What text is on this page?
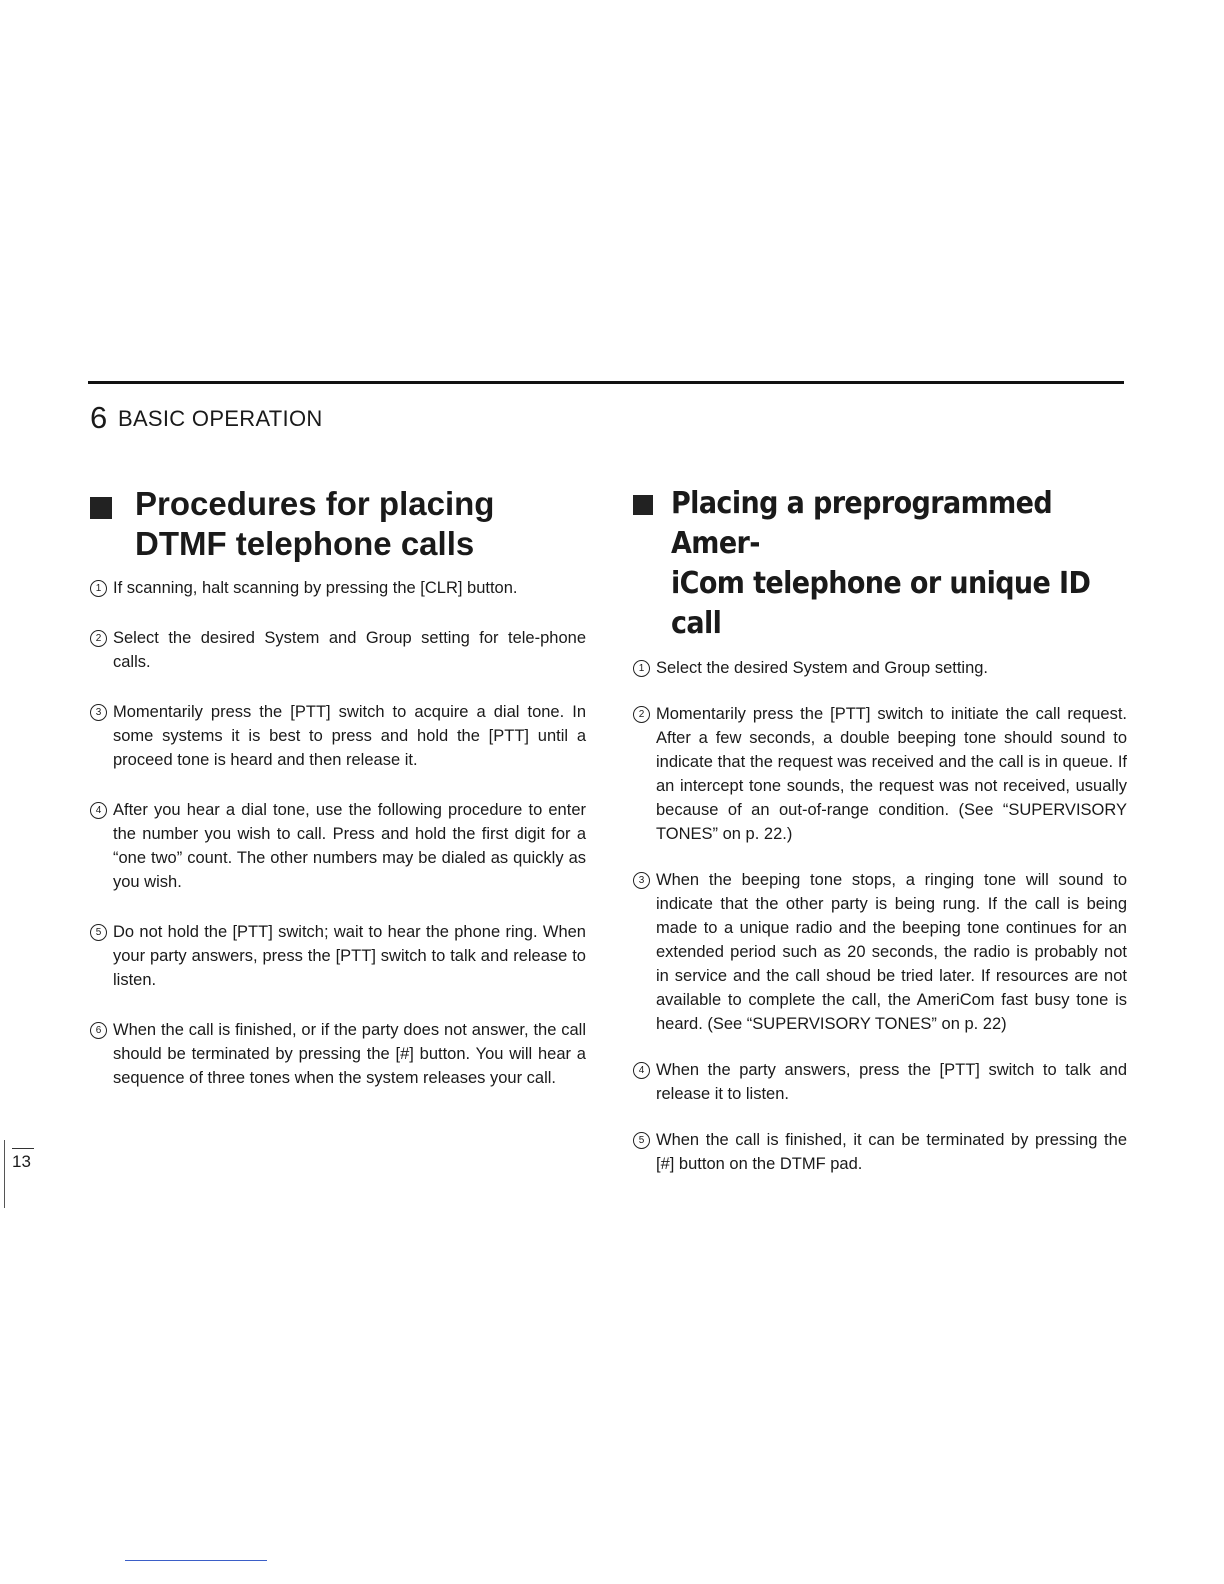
6 BASIC OPERATION
Procedures for placing
DTMF telephone calls
1 If scanning, halt scanning by pressing the [CLR] button.
2 Select the desired System and Group setting for tele-phone calls.
3 Momentarily press the [PTT] switch to acquire a dial tone. In some systems it is best to press and hold the [PTT] until a proceed tone is heard and then release it.
4 After you hear a dial tone, use the following procedure to enter the number you wish to call. Press and hold the first digit for a “one two” count. The other numbers may be dialed as quickly as you wish.
5 Do not hold the [PTT] switch; wait to hear the phone ring. When your party answers, press the [PTT] switch to talk and release to listen.
6 When the call is finished, or if the party does not answer, the call should be terminated by pressing the [#] button. You will hear a sequence of three tones when the system releases your call.
Placing a preprogrammed Amer-
iCom telephone or unique ID call
1 Select the desired System and Group setting.
2 Momentarily press the [PTT] switch to initiate the call request. After a few seconds, a double beeping tone should sound to indicate that the request was received and the call is in queue. If an intercept tone sounds, the request was not received, usually because of an out-of-range condition. (See “SUPERVISORY TONES” on p. 22.)
3 When the beeping tone stops, a ringing tone will sound to indicate that the other party is being rung. If the call is being made to a unique radio and the beeping tone continues for an extended period such as 20 seconds, the radio is probably not in service and the call shoud be tried later. If resources are not available to complete the call, the AmeriCom fast busy tone is heard. (See “SUPERVISORY TONES” on p. 22)
4 When the party answers, press the [PTT] switch to talk and release it to listen.
5 When the call is finished, it can be terminated by pressing the [#] button on the DTMF pad.
13
